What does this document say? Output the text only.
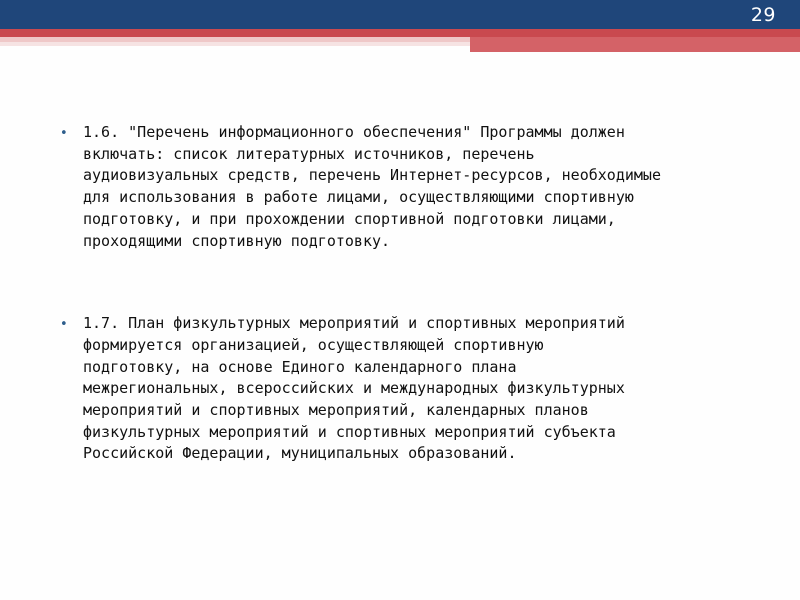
29
• 1.6. "Перечень информационного обеспечения" Программы должен
включать: список литературных источников, перечень
аудиовизуальных средств, перечень Интернет-ресурсов, необходимые
для использования в работе лицами, осуществляющими спортивную
подготовку, и при прохождении спортивной подготовки лицами,
проходящими спортивную подготовку.
• 1.7. План физкультурных мероприятий и спортивных мероприятий
формируется организацией, осуществляющей спортивную
подготовку, на основе Единого календарного плана
межрегиональных, всероссийских и международных физкультурных
мероприятий и спортивных мероприятий, календарных планов
физкультурных мероприятий и спортивных мероприятий субъекта
Российской Федерации, муниципальных образований.
